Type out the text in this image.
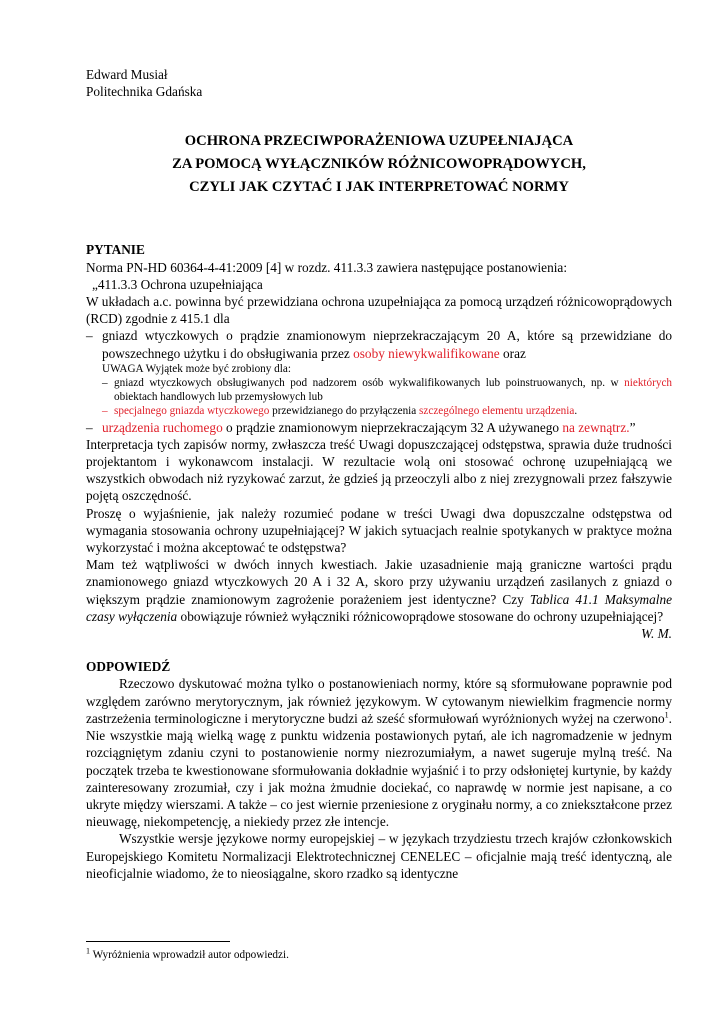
Edward Musiał

Politechnika Gdańska

OCHRONA PRZECIWPORAŻENIOWA UZUPEŁNIAJĄCA
ZA POMOCĄ WYŁĄCZNIKÓW RÓŻNICOWOPRĄDOWYCH,
CZYLI JAK CZYTAĆ I JAK INTERPRETOWAĆ NORMY
PYTANIE

Norma PN-HD 60364-4-41:2009 [4] w rozdz. 411.3.3 zawiera następujące postanowienia:

„411.3.3 Ochrona uzupełniająca

W układach a.c. powinna być przewidziana ochrona uzupełniająca za pomocą urządzeń różnicowoprądowych (RCD) zgodnie z 415.1 dla

– gniazd wtyczkowych o prądzie znamionowym nieprzekraczającym 20 A, które są przewidziane do powszechnego użytku i do obsługiwania przez osoby niewykwalifikowane oraz

UWAGA Wyjątek może być zrobiony dla:

– gniazd wtyczkowych obsługiwanych pod nadzorem osób wykwalifikowanych lub poinstruowanych, np. w niektórych obiektach handlowych lub przemysłowych lub

– specjalnego gniazda wtyczkowego przewidzianego do przyłączenia szczególnego elementu urządzenia.

– urządzenia ruchomego o prądzie znamionowym nieprzekraczającym 32 A używanego na zewnątrz.”

Interpretacja tych zapisów normy, zwłaszcza treść Uwagi dopuszczającej odstępstwa, sprawia duże trudności projektantom i wykonawcom instalacji. W rezultacie wolą oni stosować ochronę uzupełniającą we wszystkich obwodach niż ryzykować zarzut, że gdzieś ją przeoczyli albo z niej zrezygnowali przez fałszywie pojętą oszczędność.

Proszę o wyjaśnienie, jak należy rozumieć podane w treści Uwagi dwa dopuszczalne odstępstwa od wymagania stosowania ochrony uzupełniającej? W jakich sytuacjach realnie spotykanych w praktyce można wykorzystać i można akceptować te odstępstwa?

Mam też wątpliwości w dwóch innych kwestiach. Jakie uzasadnienie mają graniczne wartości prądu znamionowego gniazd wtyczkowych 20 A i 32 A, skoro przy używaniu urządzeń zasilanych z gniazd o większym prądzie znamionowym zagrożenie porażeniem jest identyczne? Czy Tablica 41.1 Maksymalne czasy wyłączenia obowiązuje również wyłączniki różnicowoprądowe stosowane do ochrony uzupełniającej?

W. M.

ODPOWIEDŹ

Rzeczowo dyskutować można tylko o postanowieniach normy, które są sformułowane poprawnie pod względem zarówno merytorycznym, jak również językowym. W cytowanym niewielkim fragmencie normy zastrzeżenia terminologiczne i merytoryczne budzi aż sześć sformułowań wyróżnionych wyżej na czerwono$^1$. Nie wszystkie mają wielką wagę z punktu widzenia postawionych pytań, ale ich nagromadzenie w jednym rozciągniętym zdaniu czyni to postanowienie normy niezrozumiałym, a nawet sugeruje mylną treść. Na początek trzeba te kwestionowane sformułowania dokładnie wyjaśnić i to przy odsłoniętej kurtynie, by każdy zainteresowany zrozumiał, czy i jak można żmudnie dociekać, co naprawdę w normie jest napisane, a co ukryte między wierszami. A także – co jest wiernie przeniesione z oryginału normy, a co zniekształcone przez nieuwagę, niekompetencję, a niekiedy przez złe intencje.

Wszystkie wersje językowe normy europejskiej – w językach trzydziestu trzech krajów członkowskich Europejskiego Komitetu Normalizacji Elektrotechnicznej CENELEC – oficjalnie mają treść identyczną, ale nieoficjalnie wiadomo, że to nieosiągalne, skoro rzadko są identyczne

$^1$ Wyróżnienia wprowadził autor odpowiedzi.
